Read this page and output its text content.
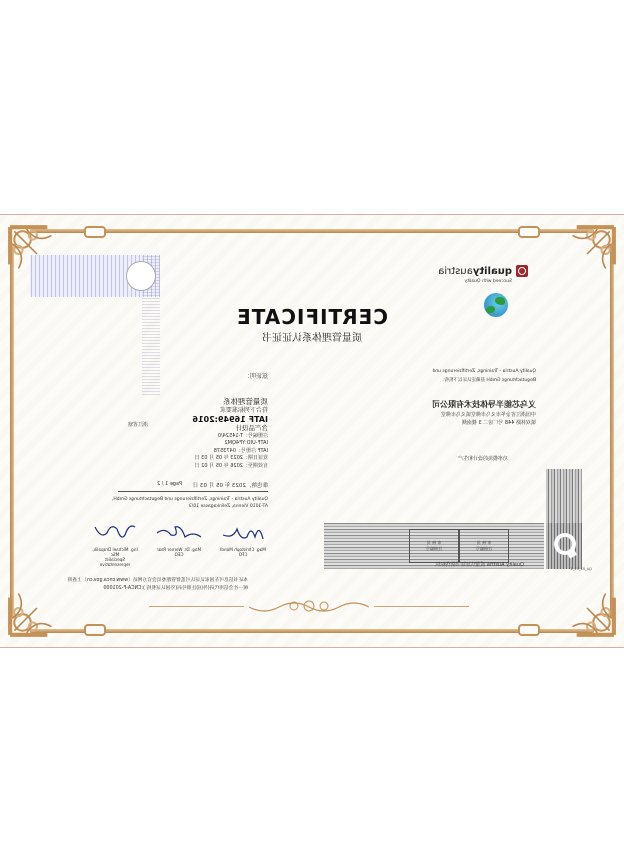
qualityaustria
Succeed with Quality
CERTIFICATE
质量管理体系认证证书
Quality Austria - Trainings, Zertifizierungs und
Begutachtungs GmbH 兹确定认证以下机构：
义乌芯能半导体技术有限公司
中国浙江省金华市义乌市佛堂镇义乌市佛堂
镇双林路 448 号厂房二 3 楼南侧
功率模块的设计和生产
审 核 员
注册编号
审 核 员
注册编号
Quality Austria 质量认证证书防伪标识
QA_01_01_4
兹证明：
质量管理体系
符合下列标准要求
IATF 16949:2016
含产品设计
浙江省辖
注册编号：T-14524/0
IATF-UID:YF4QM2
IATF 注册号：0473578
发证日期：2023 年 05 月 03 日
有效期至：2026 年 05 月 02 日
维也纳，2023 年 05 月 03 日
Page 1 / 2
Quality Austria - Trainings, Zertifizierungs und Begutachtungs GmbH,
AT-1010 Vienna, Zelinkagasse 10/3
Mag. Christoph Mondl
CFO
Mag. Dr. Werner Paar
CEO
Ing. Michael Drapalik, MSc
Specialist representative
本证书信息可在国家认证认可监督管理委员会官方网站（www.cnca.gov.cn）上查询
统一社会信用代码(外国)注册号码(外国认证机构 ):CNCA-F-201000
